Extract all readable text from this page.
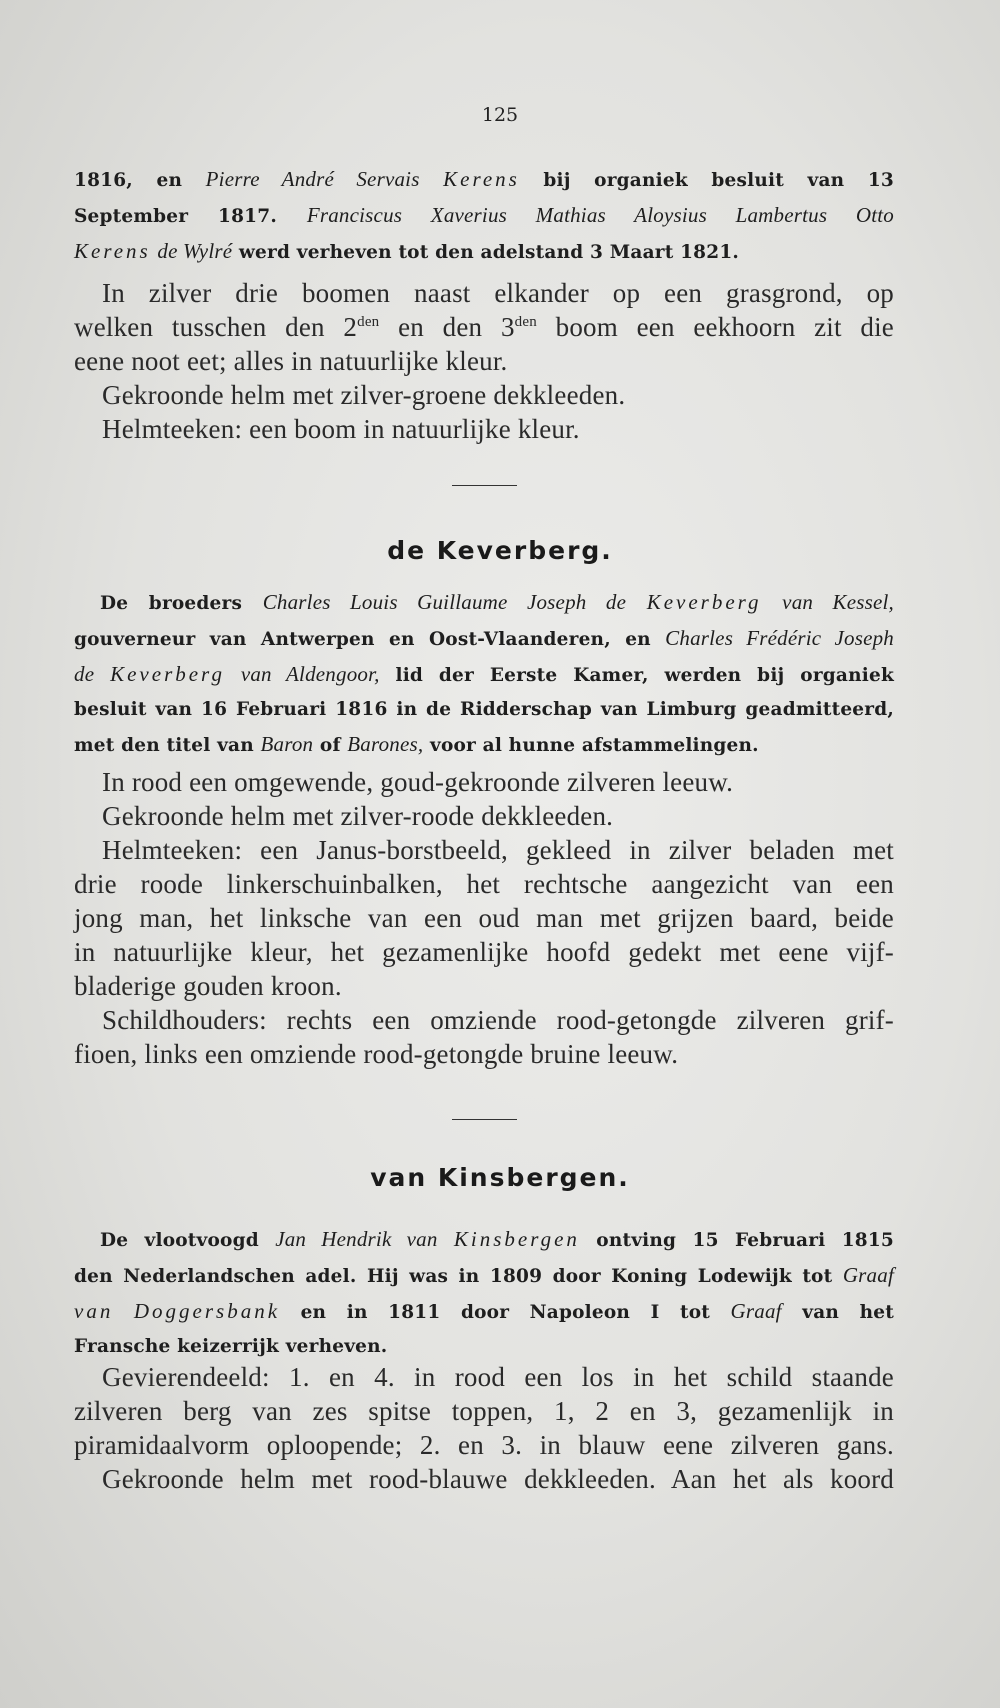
125
1816, en Pierre André Servais Kerens bij organiek besluit van 13
September 1817. Franciscus Xaverius Mathias Aloysius Lambertus Otto
Kerens de Wylré werd verheven tot den adelstand 3 Maart 1821.
In zilver drie boomen naast elkander op een grasgrond, op
welken tusschen den $2^{den}$ en den $3^{den}$ boom een eekhoorn zit die
eene noot eet; alles in natuurlijke kleur.
Gekroonde helm met zilver-groene dekkleeden.
Helmteeken: een boom in natuurlijke kleur.
de Keverberg.
De broeders Charles Louis Guillaume Joseph de Keverberg van Kessel,
gouverneur van Antwerpen en Oost-Vlaanderen, en Charles Frédéric Joseph
de Keverberg van Aldengoor, lid der Eerste Kamer, werden bij organiek
besluit van 16 Februari 1816 in de Ridderschap van Limburg geadmitteerd,
met den titel van Baron of Barones, voor al hunne afstammelingen.
In rood een omgewende, goud-gekroonde zilveren leeuw.
Gekroonde helm met zilver-roode dekkleeden.
Helmteeken: een Janus-borstbeeld, gekleed in zilver beladen met
drie roode linkerschuinbalken, het rechtsche aangezicht van een
jong man, het linksche van een oud man met grijzen baard, beide
in natuurlijke kleur, het gezamenlijke hoofd gedekt met eene vijf-
bladerige gouden kroon.
Schildhouders: rechts een omziende rood-getongde zilveren grif-
fioen, links een omziende rood-getongde bruine leeuw.
van Kinsbergen.
De vlootvoogd Jan Hendrik van Kinsbergen ontving 15 Februari 1815
den Nederlandschen adel. Hij was in 1809 door Koning Lodewijk tot Graaf
van Doggersbank en in 1811 door Napoleon I tot Graaf van het
Fransche keizerrijk verheven.
Gevierendeeld: 1. en 4. in rood een los in het schild staande
zilveren berg van zes spitse toppen, 1, 2 en 3, gezamenlijk in
piramidaalvorm oploopende; 2. en 3. in blauw eene zilveren gans.
Gekroonde helm met rood-blauwe dekkleeden. Aan het als koord
